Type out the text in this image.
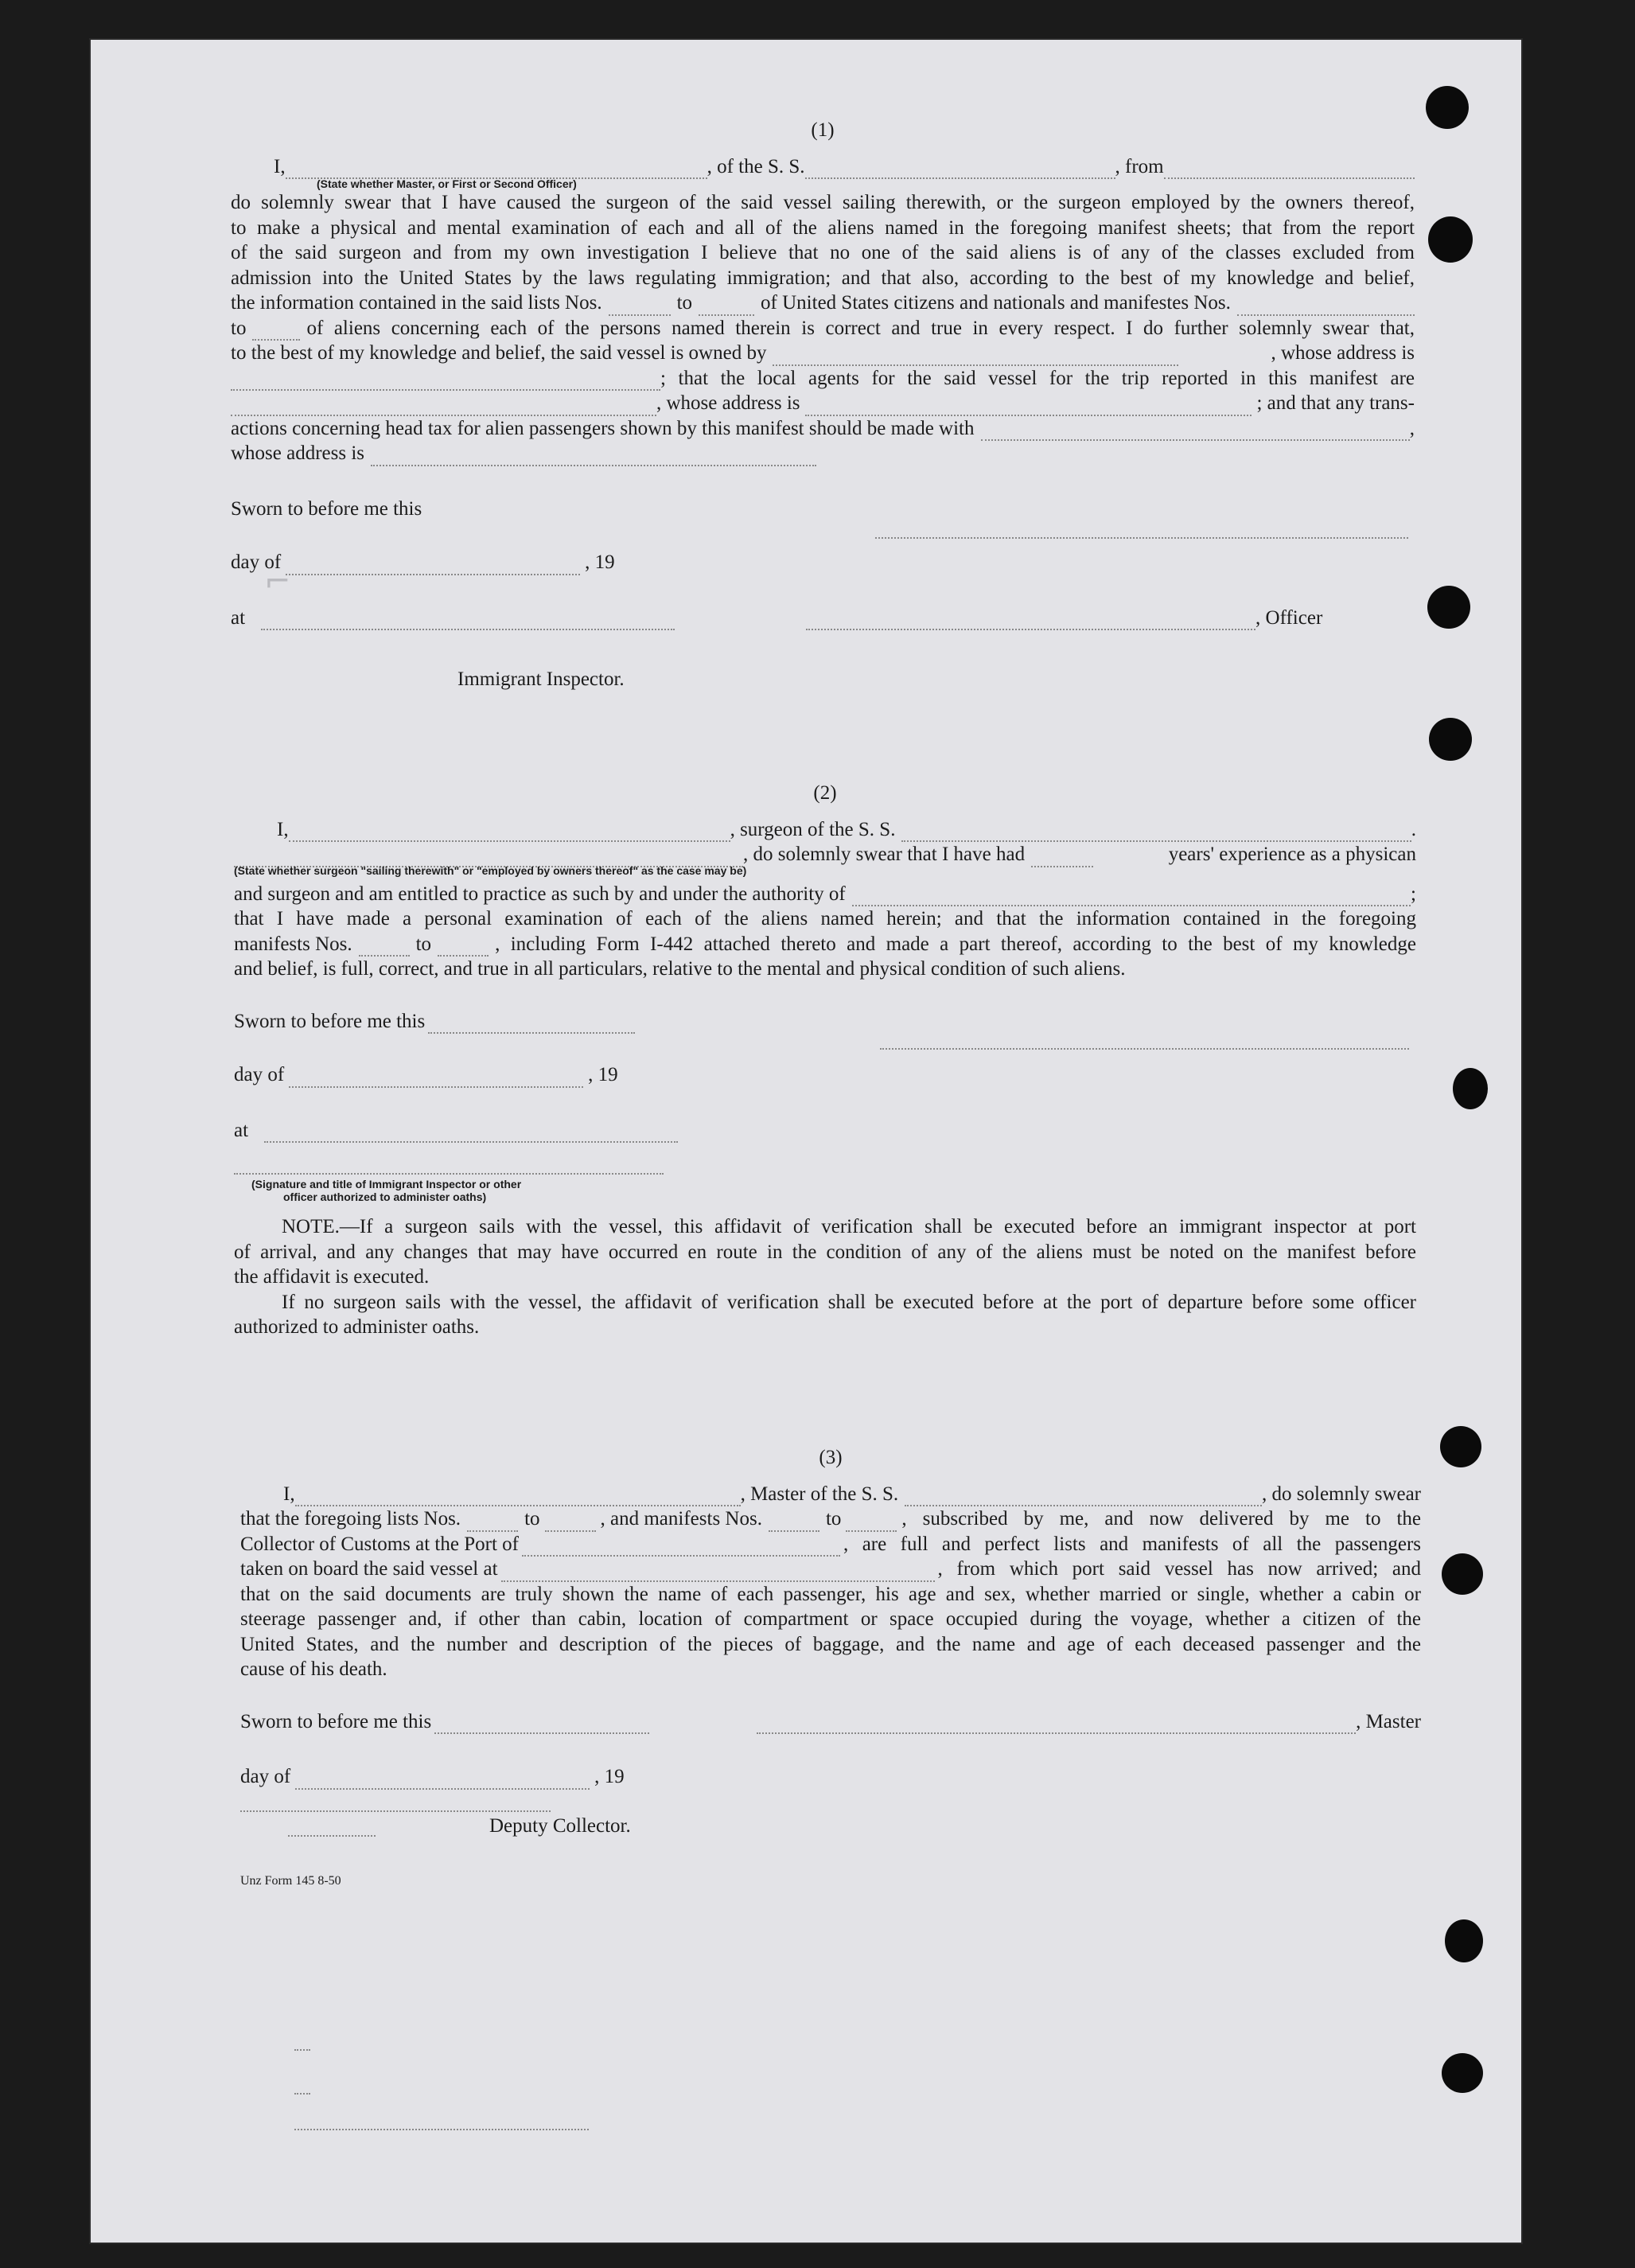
(1)
I,	, of the S. S.	, from
(State whether Master, or First or Second Officer)

do solemnly swear that I have caused the surgeon of the said vessel sailing therewith, or the surgeon employed by the owners thereof,

to make a physical and mental examination of each and all of the aliens named in the foregoing manifest sheets; that from the report

of the said surgeon and from my own investigation I believe that no one of the said aliens is of any of the classes excluded from

admission into the United States by the laws regulating immigration; and that also, according to the best of my knowledge and belief,

the information contained in the said lists Nos.	to	of United States citizens and nationals and manifestes Nos.
to	of aliens concerning each of the persons named therein is correct and true in every respect. I do further solemnly swear that,
to the best of my knowledge and belief, the said vessel is owned by	, whose address is
; that the local agents for the said vessel for the trip reported in this manifest are
, whose address is	; and that any trans-
actions concerning head tax for alien passengers shown by this manifest should be made with	,
whose address is
Sworn to before me this
day of	, 19
at	, Officer
Immigrant Inspector.
(2)
I,	, surgeon of the S. S.	.
, do solemnly swear that I have had	years' experience as a physican
(State whether surgeon "sailing therewith" or "employed by owners thereof" as the case may be)
and surgeon and am entitled to practice as such by and under the authority of	;

that I have made a personal examination of each of the aliens named herein; and that the information contained in the foregoing

manifests Nos.	to	, including Form I-442 attached thereto and made a part thereof, according to the best of my knowledge

and belief, is full, correct, and true in all particulars, relative to the mental and physical condition of such aliens.

Sworn to before me this
day of	, 19
at
(Signature and title of Immigrant Inspector or other
officer authorized to administer oaths)

NOTE.—If a surgeon sails with the vessel, this affidavit of verification shall be executed before an immigrant inspector at port

of arrival, and any changes that may have occurred en route in the condition of any of the aliens must be noted on the manifest before

the affidavit is executed.

If no surgeon sails with the vessel, the affidavit of verification shall be executed before at the port of departure before some officer

authorized to administer oaths.

(3)
I,	, Master of the S. S.	, do solemnly swear
that the foregoing lists Nos.	to	, and manifests Nos.	to	, subscribed by me, and now delivered by me to the
Collector of Customs at the Port of	, are full and perfect lists and manifests of all the passengers
taken on board the said vessel at	, from which port said vessel has now arrived; and

that on the said documents are truly shown the name of each passenger, his age and sex, whether married or single, whether a cabin or

steerage passenger and, if other than cabin, location of compartment or space occupied during the voyage, whether a citizen of the

United States, and the number and description of the pieces of baggage, and the name and age of each deceased passenger and the

cause of his death.

Sworn to before me this	, Master
day of	, 19
Deputy Collector.
Unz Form 145 8-50
⌐
